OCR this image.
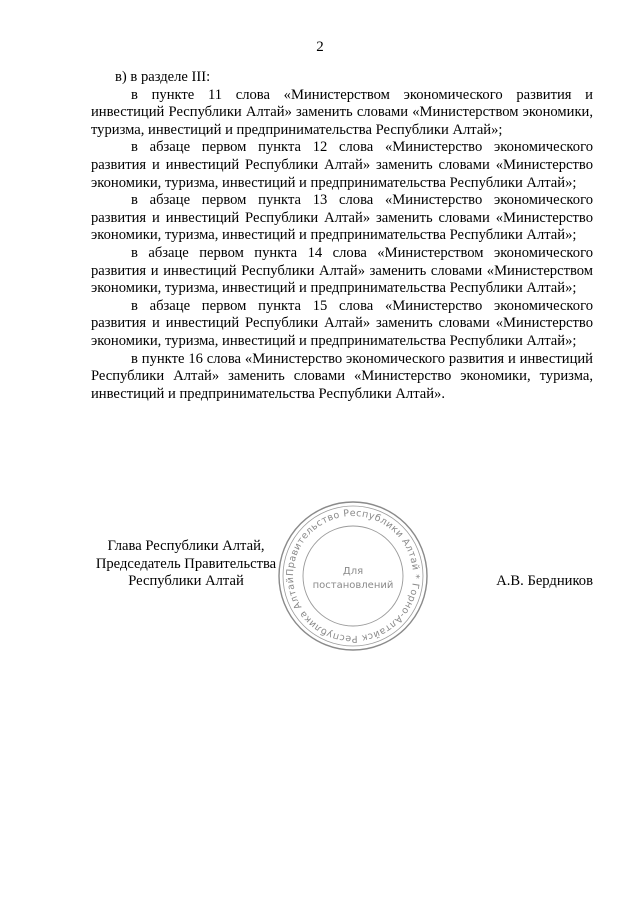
2

в) в разделе III:

в пункте 11 слова «Министерством экономического развития и инвестиций Республики Алтай» заменить словами «Министерством экономики, туризма, инвестиций и предпринимательства Республики Алтай»;

в абзаце первом пункта 12 слова «Министерство экономического развития и инвестиций Республики Алтай» заменить словами «Министерство экономики, туризма, инвестиций и предпринимательства Республики Алтай»;

в абзаце первом пункта 13 слова «Министерство экономического развития и инвестиций Республики Алтай» заменить словами «Министерство экономики, туризма, инвестиций и предпринимательства Республики Алтай»;

в абзаце первом пункта 14 слова «Министерством экономического развития и инвестиций Республики Алтай» заменить словами «Министерством экономики, туризма, инвестиций и предпринимательства Республики Алтай»;

в абзаце первом пункта 15 слова «Министерство экономического развития и инвестиций Республики Алтай» заменить словами «Министерство экономики, туризма, инвестиций и предпринимательства Республики Алтай»;

в пункте 16 слова «Министерство экономического развития и инвестиций Республики Алтай» заменить словами «Министерство экономики, туризма, инвестиций и предпринимательства Республики Алтай».

Глава Республики Алтай,
Председатель Правительства
Республики Алтай	А.В. Бердников
Правительство Республики Алтай * Горно-Алтайск Республика Алтай
Для
постановлений
